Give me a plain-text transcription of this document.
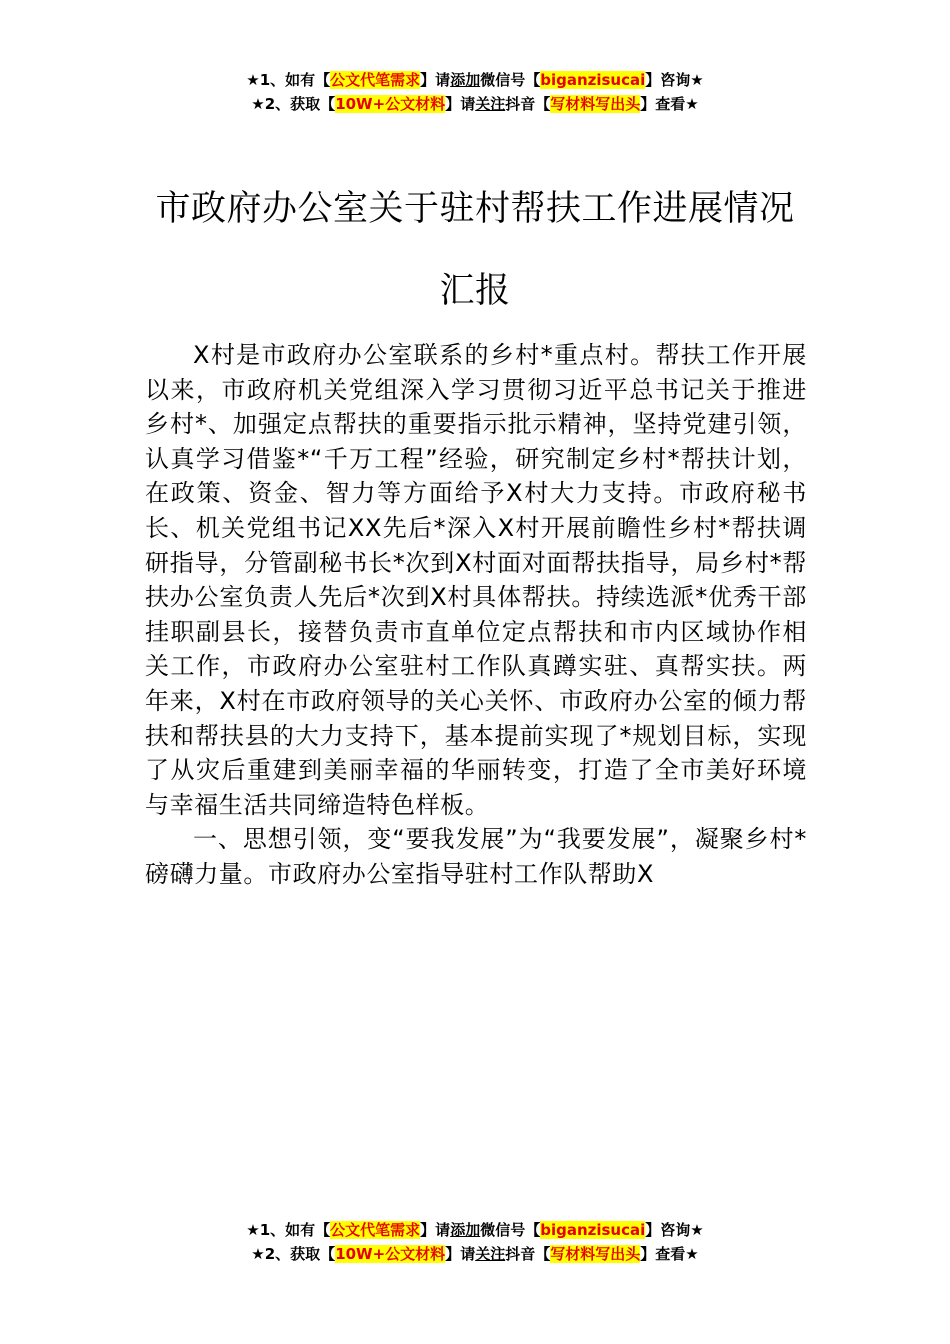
★1、如有【公文代笔需求】请添加微信号【biganzisucai】咨询★
★2、获取【10W+公文材料】请关注抖音【写材料写出头】查看★
市政府办公室关于驻村帮扶工作进展情况
汇报

X村是市政府办公室联系的乡村*重点村。帮扶工作开展以来，市政府机关党组深入学习贯彻习近平总书记关于推进乡村*、加强定点帮扶的重要指示批示精神，坚持党建引领，认真学习借鉴*“千万工程”经验，研究制定乡村*帮扶计划，在政策、资金、智力等方面给予X村大力支持。市政府秘书长、机关党组书记XX先后*深入X村开展前瞻性乡村*帮扶调研指导，分管副秘书长*次到X村面对面帮扶指导，局乡村*帮扶办公室负责人先后*次到X村具体帮扶。持续选派*优秀干部挂职副县长，接替负责市直单位定点帮扶和市内区域协作相关工作，市政府办公室驻村工作队真蹲实驻、真帮实扶。两年来，X村在市政府领导的关心关怀、市政府办公室的倾力帮扶和帮扶县的大力支持下，基本提前实现了*规划目标，实现了从灾后重建到美丽幸福的华丽转变，打造了全市美好环境与幸福生活共同缔造特色样板。

一、思想引领，变“要我发展”为“我要发展”，凝聚乡村*磅礴力量。市政府办公室指导驻村工作队帮助X

★1、如有【公文代笔需求】请添加微信号【biganzisucai】咨询★
★2、获取【10W+公文材料】请关注抖音【写材料写出头】查看★
